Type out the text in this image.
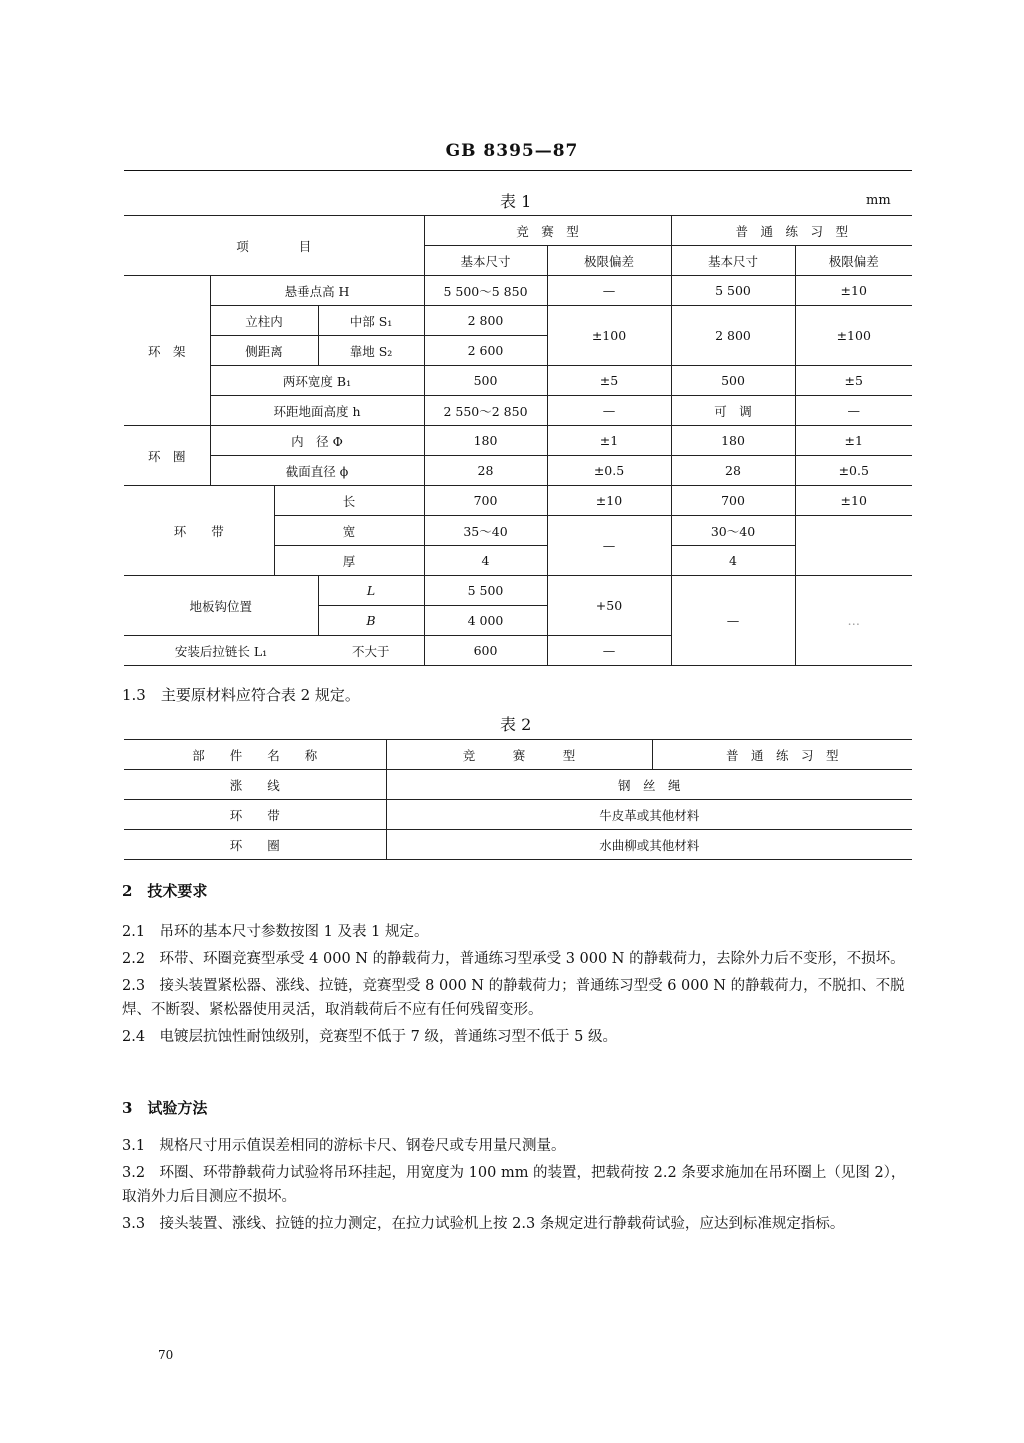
GB 8395—87
表 1	mm
项　　　　目				竞　赛　型		普　通　练　习　型	
				基本尺寸	极限偏差	基本尺寸	极限偏差
环　架	悬垂点高 H			5 500～5 850	—	5 500	±10
	立柱内		中部 S₁	2 800	±100	2 800	±100
	侧距离		靠地 S₂	2 600			
	两环宽度 B₁			500	±5	500	±5
	环距地面高度 h			2 550～2 850	—	可　调	—
环　圈	内　径 Φ			180	±1	180	±1
	截面直径 ϕ			28	±0.5	28	±0.5
环　　带		长		700	±10	700	±10
		宽		35～40	—	30～40	
		厚		4		4	
地板钩位置			L	5 500	+50	—	…
			B	4 000			
安装后拉链长 L₁			不大于	600	—		
1.3　主要原材料应符合表 2 规定。
表 2
部　　件　　名　　称	竞　　　赛　　　型	普　通　练　习　型
涨　　线	钢　丝　绳	
环　　带	牛皮革或其他材料	
环　　圈	水曲柳或其他材料	
2　技术要求
2.1　吊环的基本尺寸参数按图 1 及表 1 规定。
2.2　环带、环圈竞赛型承受 4 000 N 的静载荷力，普通练习型承受 3 000 N 的静载荷力，去除外力后不变形，不损坏。
2.3　接头装置紧松器、涨线、拉链，竞赛型受 8 000 N 的静载荷力；普通练习型受 6 000 N 的静载荷力，不脱扣、不脱焊、不断裂、紧松器使用灵活，取消载荷后不应有任何残留变形。
2.4　电镀层抗蚀性耐蚀级别，竞赛型不低于 7 级，普通练习型不低于 5 级。
3　试验方法
3.1　规格尺寸用示值误差相同的游标卡尺、钢卷尺或专用量尺测量。
3.2　环圈、环带静载荷力试验将吊环挂起，用宽度为 100 mm 的装置，把载荷按 2.2 条要求施加在吊环圈上（见图 2），取消外力后目测应不损坏。
3.3　接头装置、涨线、拉链的拉力测定，在拉力试验机上按 2.3 条规定进行静载荷试验，应达到标准规定指标。
70
